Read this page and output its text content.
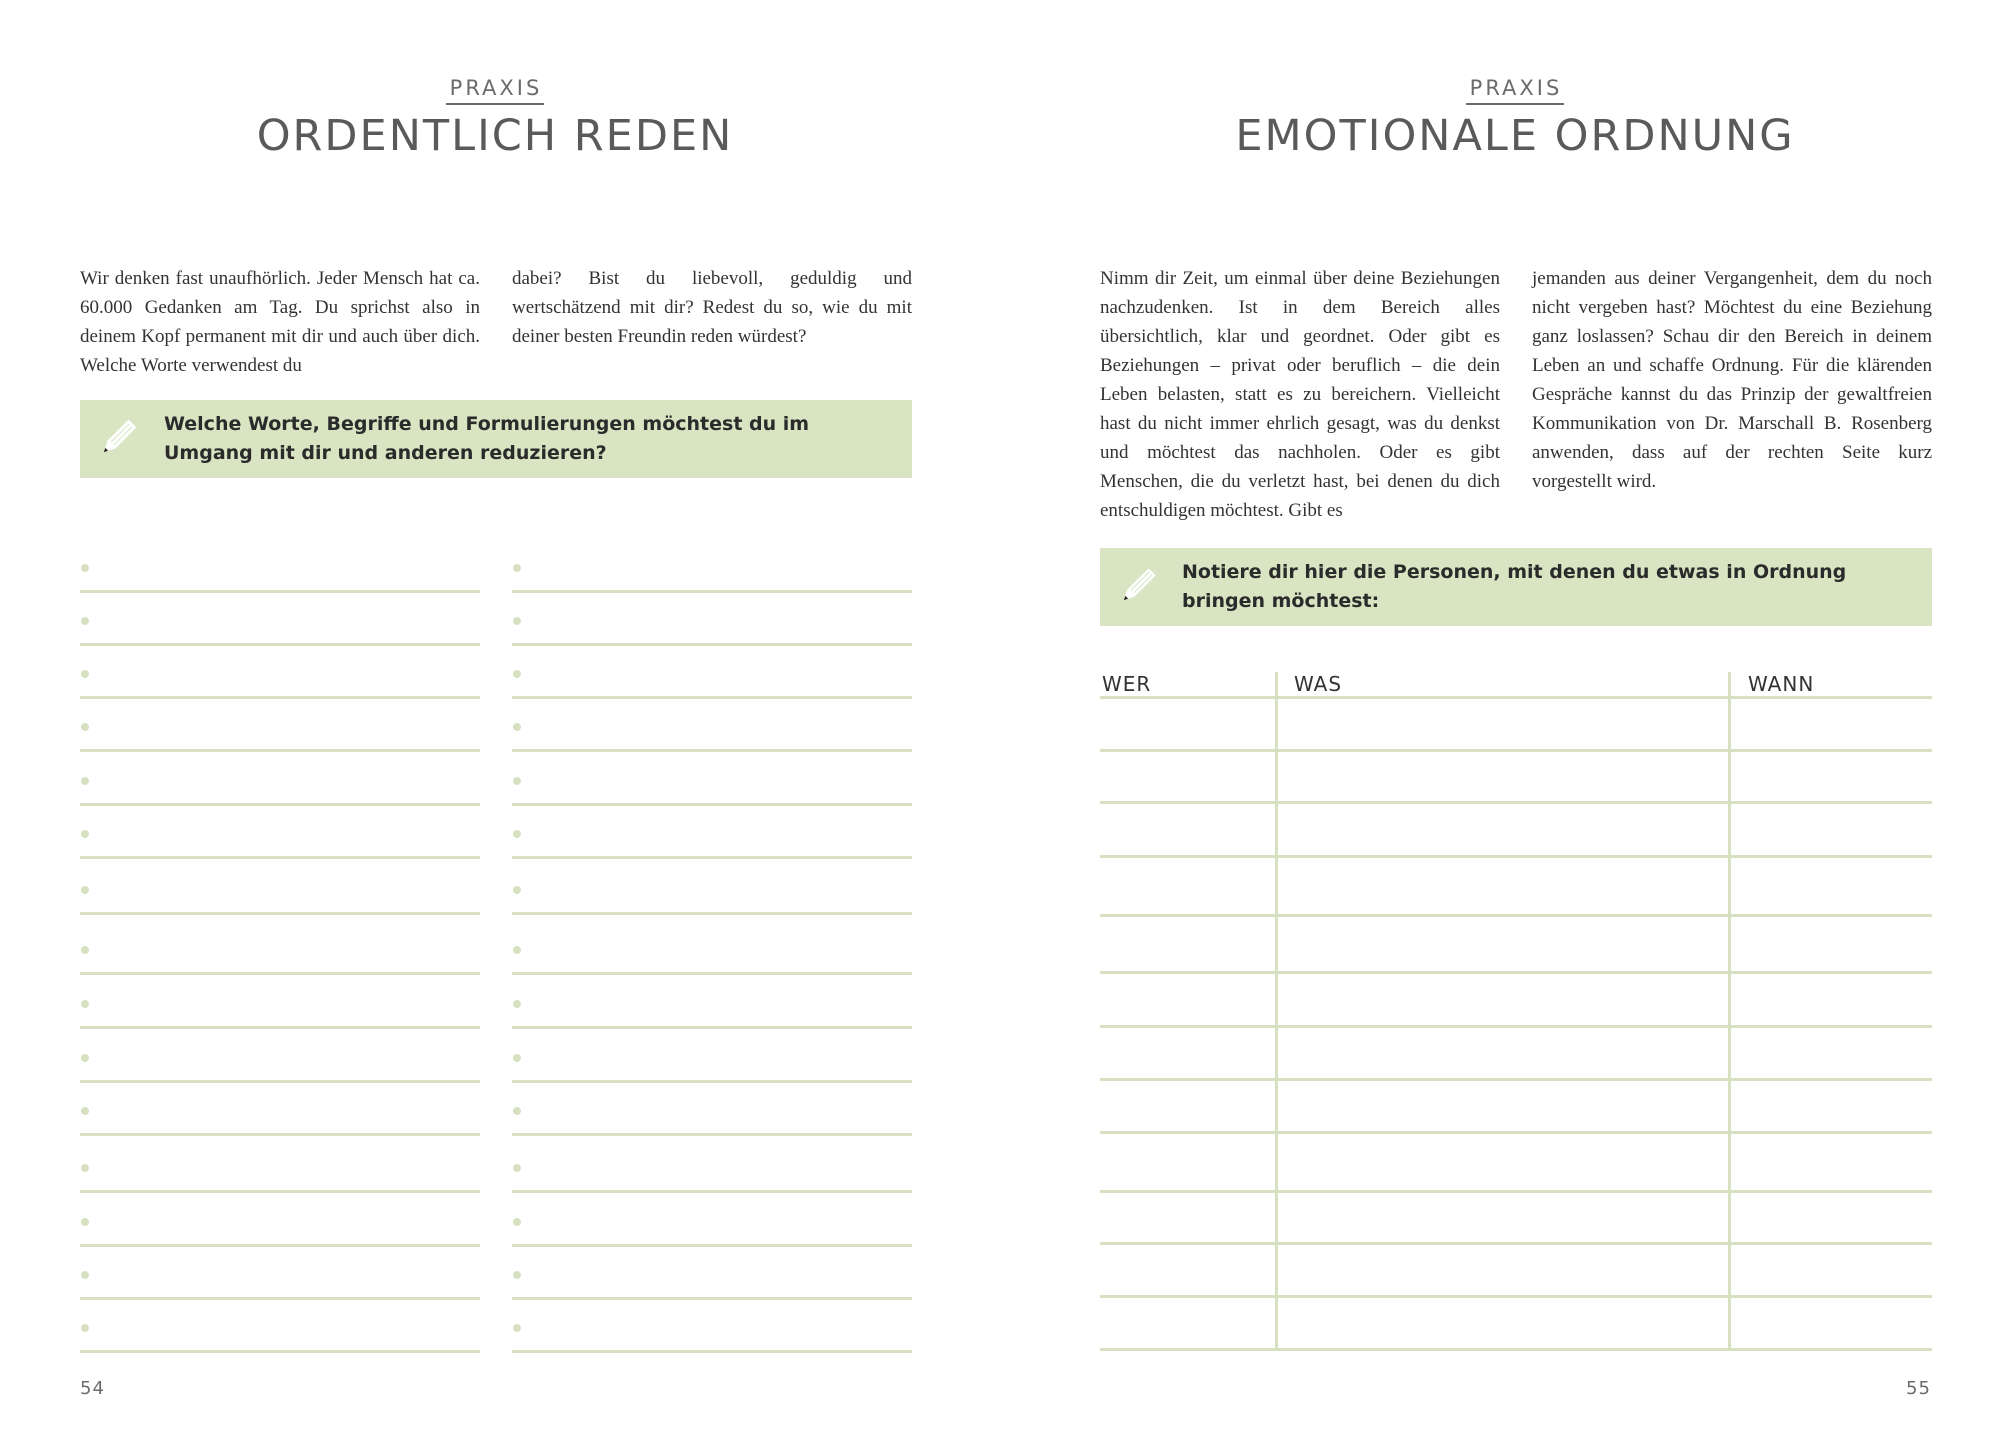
PRAXIS
ORDENTLICH REDEN
Wir denken fast unaufhörlich. Jeder Mensch hat ca. 60.000 Gedanken am Tag. Du sprichst also in deinem Kopf permanent mit dir und auch über dich. Welche Worte verwendest du
dabei? Bist du liebevoll, geduldig und wertschätzend mit dir? Redest du so, wie du mit deiner besten Freundin reden würdest?
Welche Worte, Begriffe und Formulierungen möchtest du im Umgang mit dir und anderen reduzieren?
54
PRAXIS
EMOTIONALE ORDNUNG
Nimm dir Zeit, um einmal über deine Beziehungen nachzudenken. Ist in dem Bereich alles übersichtlich, klar und geordnet. Oder gibt es Beziehungen – privat oder beruflich – die dein Leben belasten, statt es zu bereichern. Vielleicht hast du nicht immer ehrlich gesagt, was du denkst und möchtest das nachholen. Oder es gibt Menschen, die du verletzt hast, bei denen du dich entschuldigen möchtest. Gibt es
jemanden aus deiner Vergangenheit, dem du noch nicht vergeben hast? Möchtest du eine Beziehung ganz loslassen? Schau dir den Bereich in deinem Leben an und schaffe Ordnung. Für die klärenden Gespräche kannst du das Prinzip der gewaltfreien Kommunikation von Dr. Marschall B. Rosenberg anwenden, dass auf der rechten Seite kurz vorgestellt wird.
Notiere dir hier die Personen, mit denen du etwas in Ordnung bringen möchtest:
WER	WAS	WANN
55
